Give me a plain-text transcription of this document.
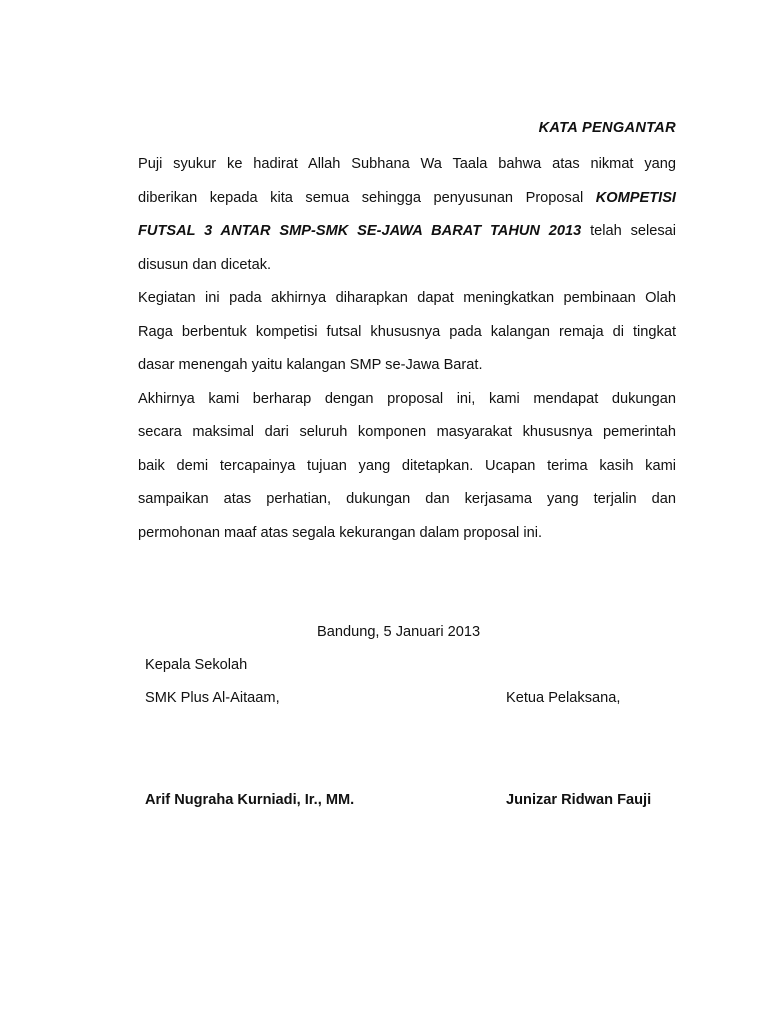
KATA PENGANTAR
Puji syukur ke hadirat Allah Subhana Wa Taala bahwa atas nikmat yang
diberikan kepada kita semua sehingga penyusunan Proposal KOMPETISI
FUTSAL 3 ANTAR SMP-SMK SE-JAWA BARAT TAHUN 2013 telah selesai
disusun dan dicetak.
Kegiatan ini pada akhirnya diharapkan dapat meningkatkan pembinaan Olah
Raga berbentuk kompetisi futsal khususnya pada kalangan remaja di tingkat
dasar menengah yaitu kalangan SMP se-Jawa Barat.
Akhirnya kami berharap dengan proposal ini, kami mendapat dukungan
secara maksimal dari seluruh komponen masyarakat khususnya pemerintah
baik demi tercapainya tujuan yang ditetapkan. Ucapan terima kasih kami
sampaikan atas perhatian, dukungan dan kerjasama yang terjalin dan
permohonan maaf atas segala kekurangan dalam proposal ini.
Bandung, 5 Januari 2013
Kepala Sekolah
SMK Plus Al-Aitaam,	Ketua Pelaksana,
Arif Nugraha Kurniadi, Ir., MM.	Junizar Ridwan Fauji
